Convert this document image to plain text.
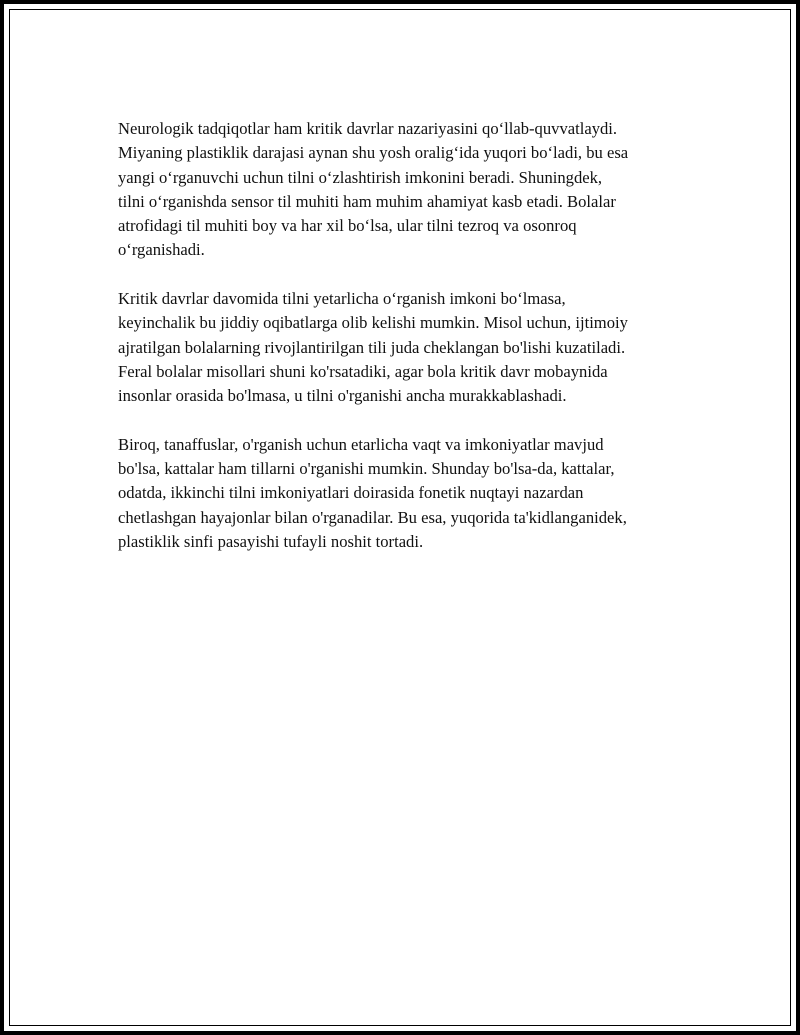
Neurologik tadqiqotlar ham kritik davrlar nazariyasini qo‘llab-quvvatlaydi.
Miyaning plastiklik darajasi aynan shu yosh oralig‘ida yuqori bo‘ladi, bu esa
yangi o‘rganuvchi uchun tilni o‘zlashtirish imkonini beradi. Shuningdek,
tilni o‘rganishda sensor til muhiti ham muhim ahamiyat kasb etadi. Bolalar
atrofidagi til muhiti boy va har xil bo‘lsa, ular tilni tezroq va osonroq
o‘rganishadi.

Kritik davrlar davomida tilni yetarlicha o‘rganish imkoni bo‘lmasa,
keyinchalik bu jiddiy oqibatlarga olib kelishi mumkin. Misol uchun, ijtimoiy
ajratilgan bolalarning rivojlantirilgan tili juda cheklangan bo'lishi kuzatiladi.
Feral bolalar misollari shuni ko'rsatadiki, agar bola kritik davr mobaynida
insonlar orasida bo'lmasa, u tilni o'rganishi ancha murakkablashadi.

Biroq, tanaffuslar, o'rganish uchun etarlicha vaqt va imkoniyatlar mavjud
bo'lsa, kattalar ham tillarni o'rganishi mumkin. Shunday bo'lsa-da, kattalar,
odatda, ikkinchi tilni imkoniyatlari doirasida fonetik nuqtayi nazardan
chetlashgan hayajonlar bilan o'rganadilar. Bu esa, yuqorida ta'kidlanganidek,
plastiklik sinfi pasayishi tufayli noshit tortadi.
